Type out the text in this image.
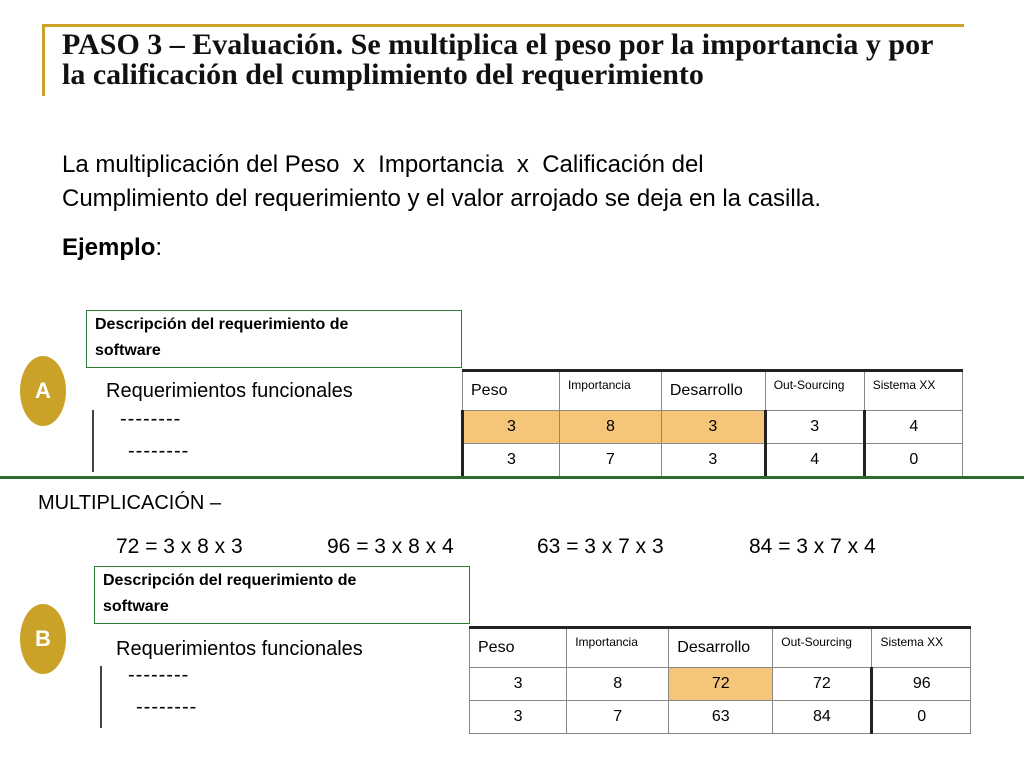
PASO 3 – Evaluación. Se multiplica el peso por la importancia y por la calificación del cumplimiento del requerimiento
La multiplicación del Peso  x  Importancia  x  Calificación del
Cumplimiento del requerimiento y el valor arrojado se deja en la casilla.
Ejemplo:
Descripción del requerimiento de
software
A	Requerimientos funcionales
--------
--------
Peso	Importancia	Desarrollo	Out-Sourcing	Sistema XX
3	8	3	3	4
3	7	3	4	0
MULTIPLICACIÓN –
72 = 3 x 8 x 3	96 = 3 x 8 x 4	63 = 3 x 7 x 3	84 = 3 x 7 x 4
Descripción del requerimiento de
software
B	Requerimientos funcionales
--------
--------
Peso	Importancia	Desarrollo	Out-Sourcing	Sistema XX
3	8	72	72	96
3	7	63	84	0
